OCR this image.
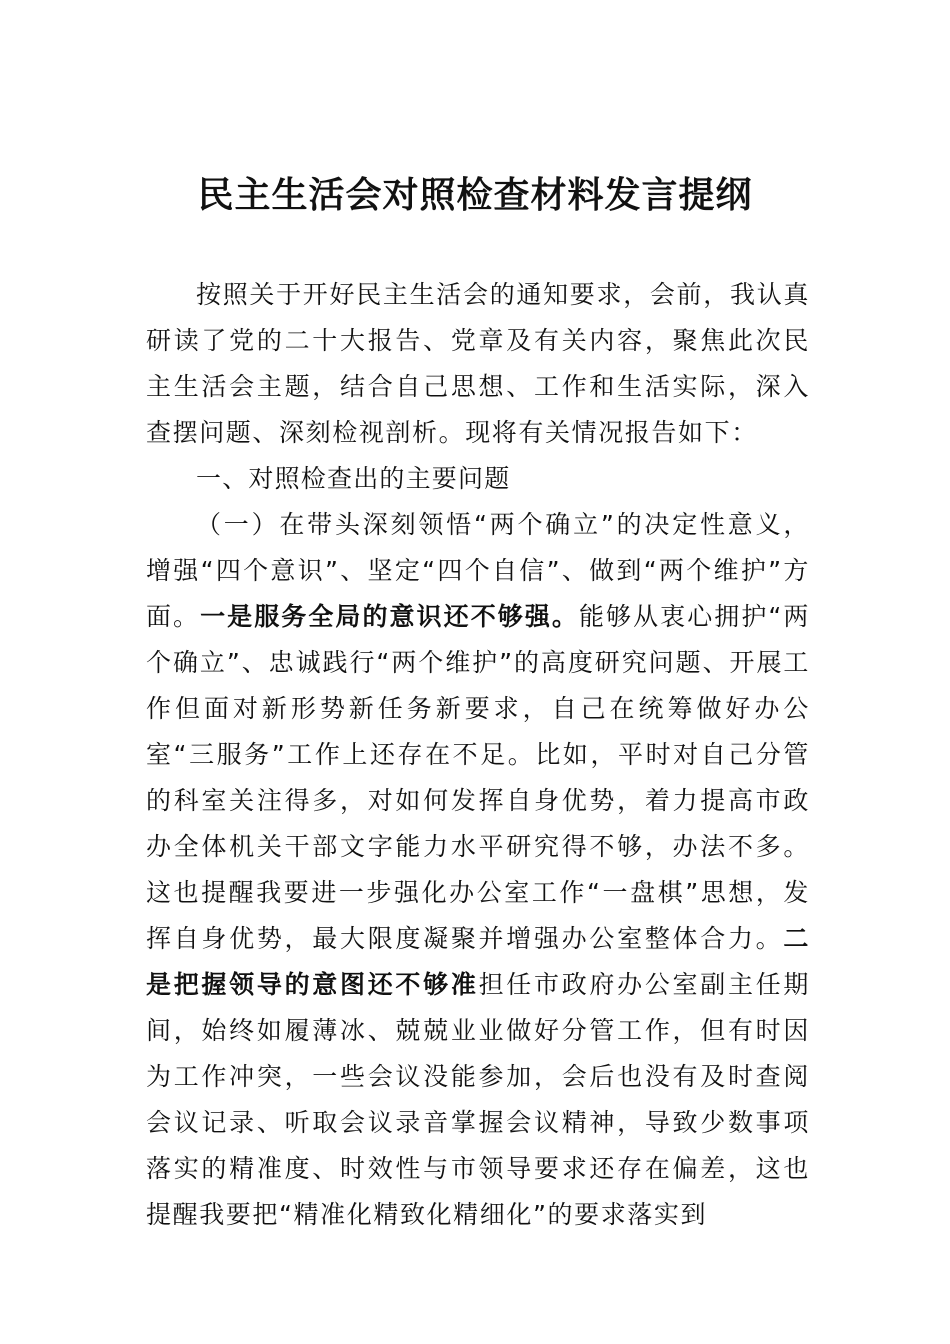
民主生活会对照检查材料发言提纲

按照关于开好民主生活会的通知要求，会前，我认真研读了党的二十大报告、党章及有关内容，聚焦此次民主生活会主题，结合自己思想、工作和生活实际，深入查摆问题、深刻检视剖析。现将有关情况报告如下：

一、对照检查出的主要问题

（一）在带头深刻领悟“两个确立”的决定性意义，增强“四个意识”、坚定“四个自信”、做到“两个维护”方面。一是服务全局的意识还不够强。能够从衷心拥护“两个确立”、忠诚践行“两个维护”的高度研究问题、开展工作但面对新形势新任务新要求，自己在统筹做好办公室“三服务”工作上还存在不足。比如，平时对自己分管的科室关注得多，对如何发挥自身优势，着力提高市政办全体机关干部文字能力水平研究得不够，办法不多。这也提醒我要进一步强化办公室工作“一盘棋”思想，发挥自身优势，最大限度凝聚并增强办公室整体合力。二是把握领导的意图还不够准担任市政府办公室副主任期间，始终如履薄冰、兢兢业业做好分管工作，但有时因为工作冲突，一些会议没能参加，会后也没有及时查阅会议记录、听取会议录音掌握会议精神，导致少数事项落实的精准度、时效性与市领导要求还存在偏差，这也提醒我要把“精准化精致化精细化”的要求落实到
